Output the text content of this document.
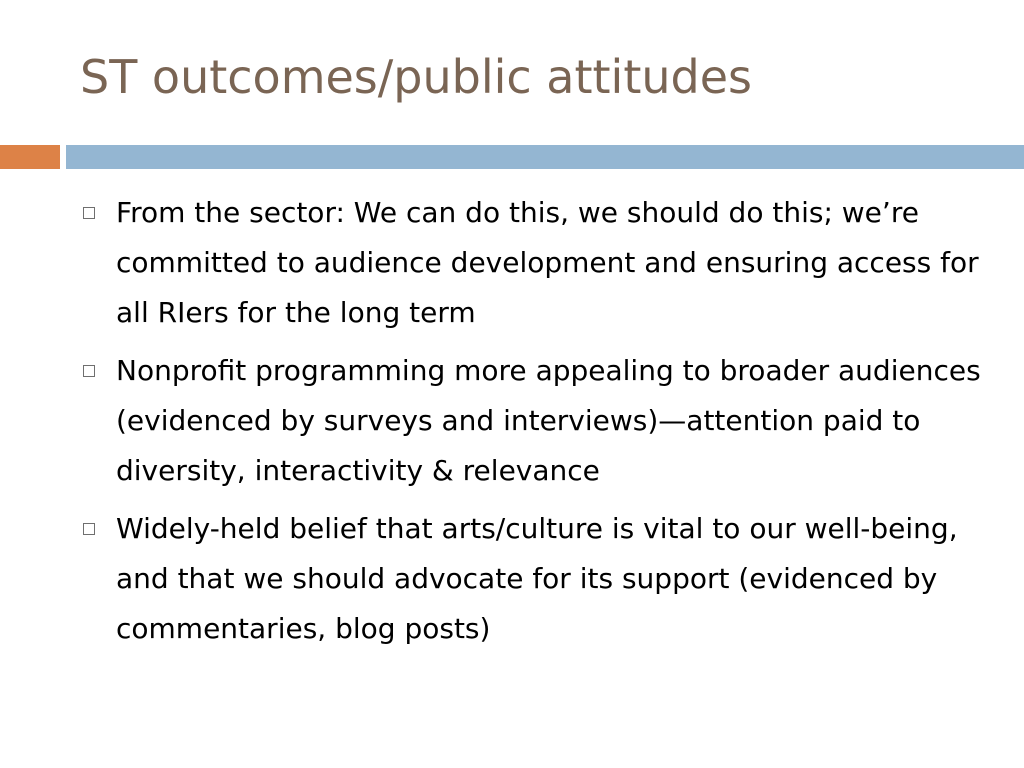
ST outcomes/public attitudes
From the sector: We can do this, we should do this; we’re committed to audience development and ensuring access for all RIers for the long term
Nonprofit programming more appealing to broader audiences (evidenced by surveys and interviews)—attention paid to diversity, interactivity & relevance
Widely-held belief that arts/culture is vital to our well-being, and that we should advocate for its support (evidenced by commentaries, blog posts)
